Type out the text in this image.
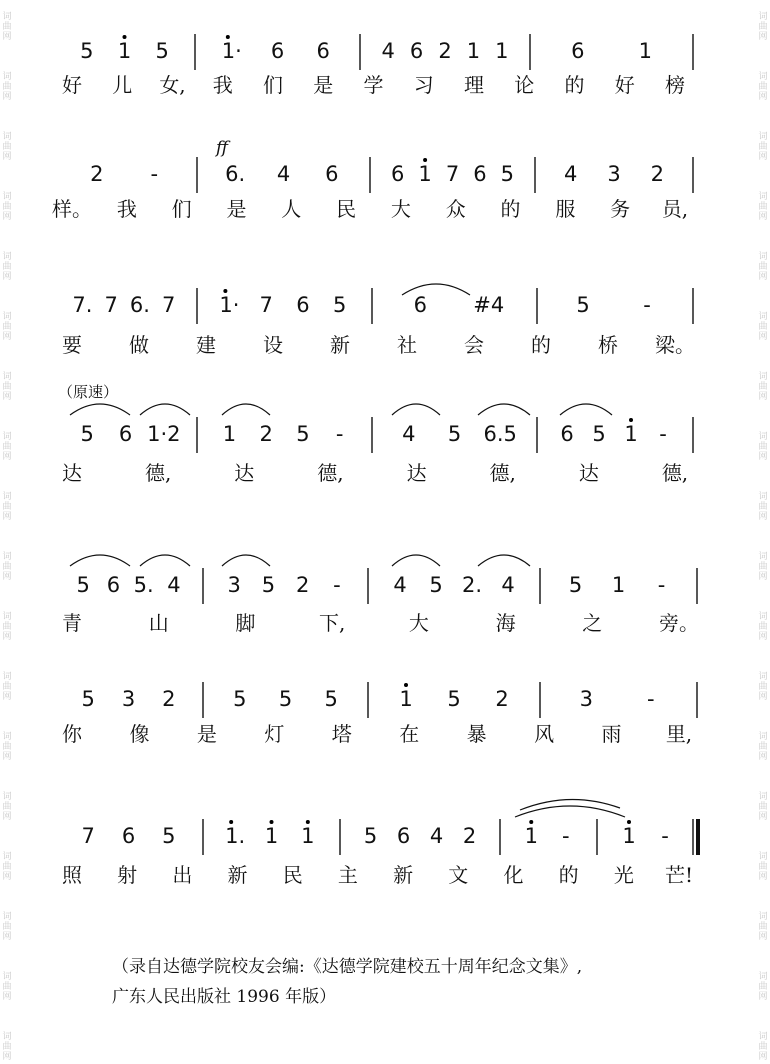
词曲网
词曲网
词曲网
词曲网
词曲网
词曲网
词曲网
词曲网
词曲网
词曲网
词曲网
词曲网
词曲网
词曲网
词曲网
词曲网
词曲网
词曲网
词曲网
词曲网
词曲网
词曲网
词曲网
词曲网
词曲网
词曲网
词曲网
词曲网
词曲网
词曲网
词曲网
词曲网
词曲网
词曲网
词曲网
词曲网
5 1 5	1· 6 6 4 6 2 1 1	6	1
好 儿 女, 我 们 是 学 习 理 论 的 好 榜
2 -	6. 4 6 6 1 7 6 5 4 3 2
样。 我 们 是 人 民 大 众 的 服 务 员,
7. 7 6. 7 1· 7 6 5	6 #4	5	-
要 做 建 设 新 社 会 的 桥 梁。
5 6 1·2 1 2 5 -	4 5 6.5 6 5 1 -
达	德,	达	德,	达	德,	达	德,
5 6 5. 4 3 5 2 -	4 5 2. 4	5 1 -
青	山	脚	下,	大	海	之	旁。
5 3 2	5 5 5	1 5 2	3	-
你 像 是 灯 塔 在 暴 风 雨 里,
7 6 5 1. 1 1 5 6 4 2 1 -	1 -
照 射 出 新 民 主 新 文 化 的 光 芒!
（原速）
ff
（录自达德学院校友会编:《达德学院建校五十周年纪念文集》,
广东人民出版社 1996 年版）
